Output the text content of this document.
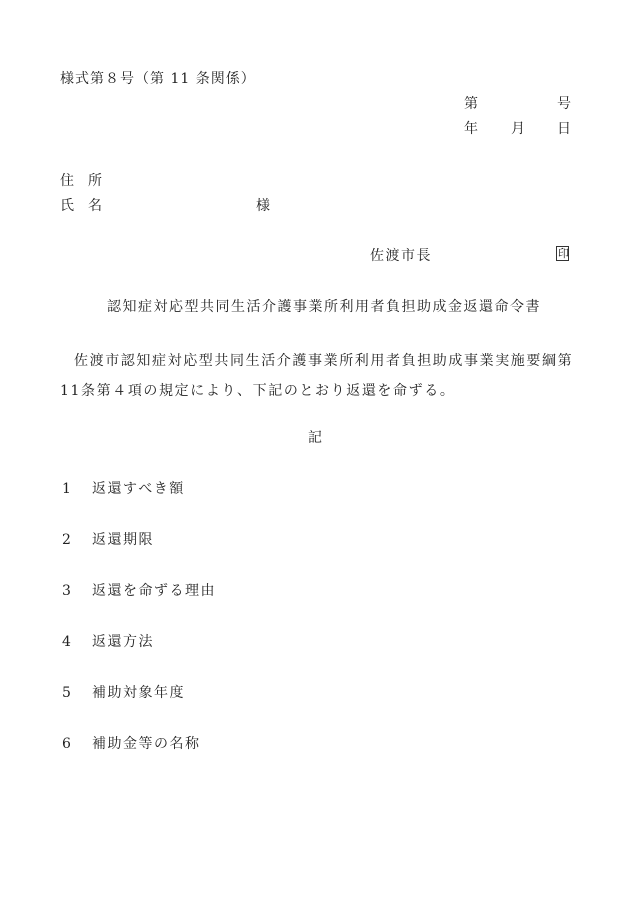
様式第８号（第 11 条関係）
第	号
年 月 日
住　所
氏　名	様
佐渡市長	印
認知症対応型共同生活介護事業所利用者負担助成金返還命令書
佐渡市認知症対応型共同生活介護事業所利用者負担助成事業実施要綱第
11条第４項の規定により、下記のとおり返還を命ずる。
記
1 返還すべき額
2 返還期限
3 返還を命ずる理由
4 返還方法
5 補助対象年度
6 補助金等の名称
